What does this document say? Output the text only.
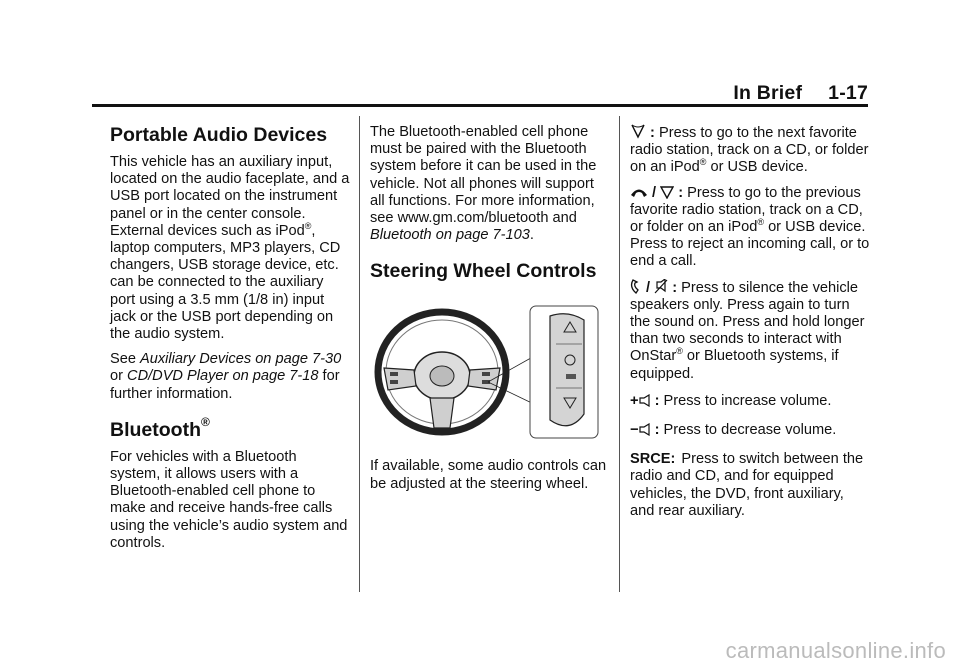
In Brief 1-17
Portable Audio Devices

This vehicle has an auxiliary input, located on the audio faceplate, and a USB port located on the instrument panel or in the center console. External devices such as iPod®, laptop computers, MP3 players, CD changers, USB storage device, etc. can be connected to the auxiliary port using a 3.5 mm (1/8 in) input jack or the USB port depending on the audio system.

See Auxiliary Devices on page 7-30 or CD/DVD Player on page 7-18 for further information.

Bluetooth®

For vehicles with a Bluetooth system, it allows users with a Bluetooth-enabled cell phone to make and receive hands-free calls using the vehicle’s audio system and controls.

The Bluetooth-enabled cell phone must be paired with the Bluetooth system before it can be used in the vehicle. Not all phones will support all functions. For more information, see www.gm.com/bluetooth and Bluetooth on page 7-103.

Steering Wheel Controls

If available, some audio controls can be adjusted at the steering wheel.

: Press to go to the next favorite radio station, track on a CD, or folder on an iPod® or USB device.

/
: Press to go to the previous favorite radio station, track on a CD, or folder on an iPod® or USB device. Press to reject an incoming call, or to end a call.

/
: Press to silence the vehicle speakers only. Press again to turn the sound on. Press and hold longer than two seconds to interact with OnStar® or Bluetooth systems, if equipped.

+
: Press to increase volume.

−
: Press to decrease volume.

SRCE: Press to switch between the radio and CD, and for equipped vehicles, the DVD, front auxiliary, and rear auxiliary.

carmanualsonline.info
